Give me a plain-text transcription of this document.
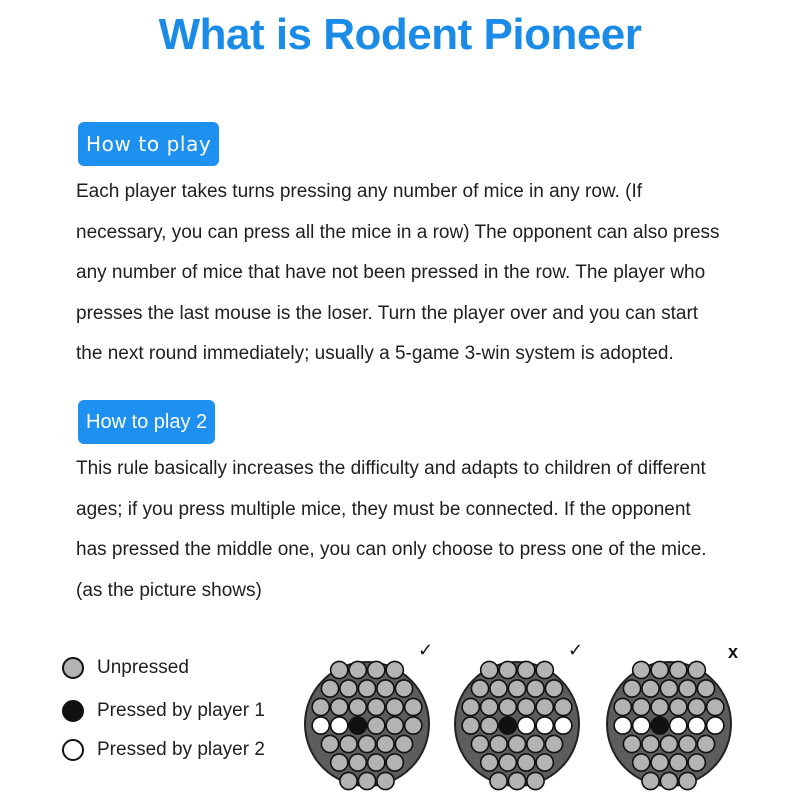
What is Rodent Pioneer
How to play

Each player takes turns pressing any number of mice in any row. (If

necessary, you can press all the mice in a row) The opponent can also press

any number of mice that have not been pressed in the row. The player who

presses the last mouse is the loser. Turn the player over and you can start

the next round immediately; usually a 5-game 3-win system is adopted.

How to play 2

This rule basically increases the difficulty and adapts to children of different

ages; if you press multiple mice, they must be connected. If the opponent

has pressed the middle one, you can only choose to press one of the mice.

(as the picture shows)

Unpressed
Pressed by player 1
Pressed by player 2
✓	✓	x
